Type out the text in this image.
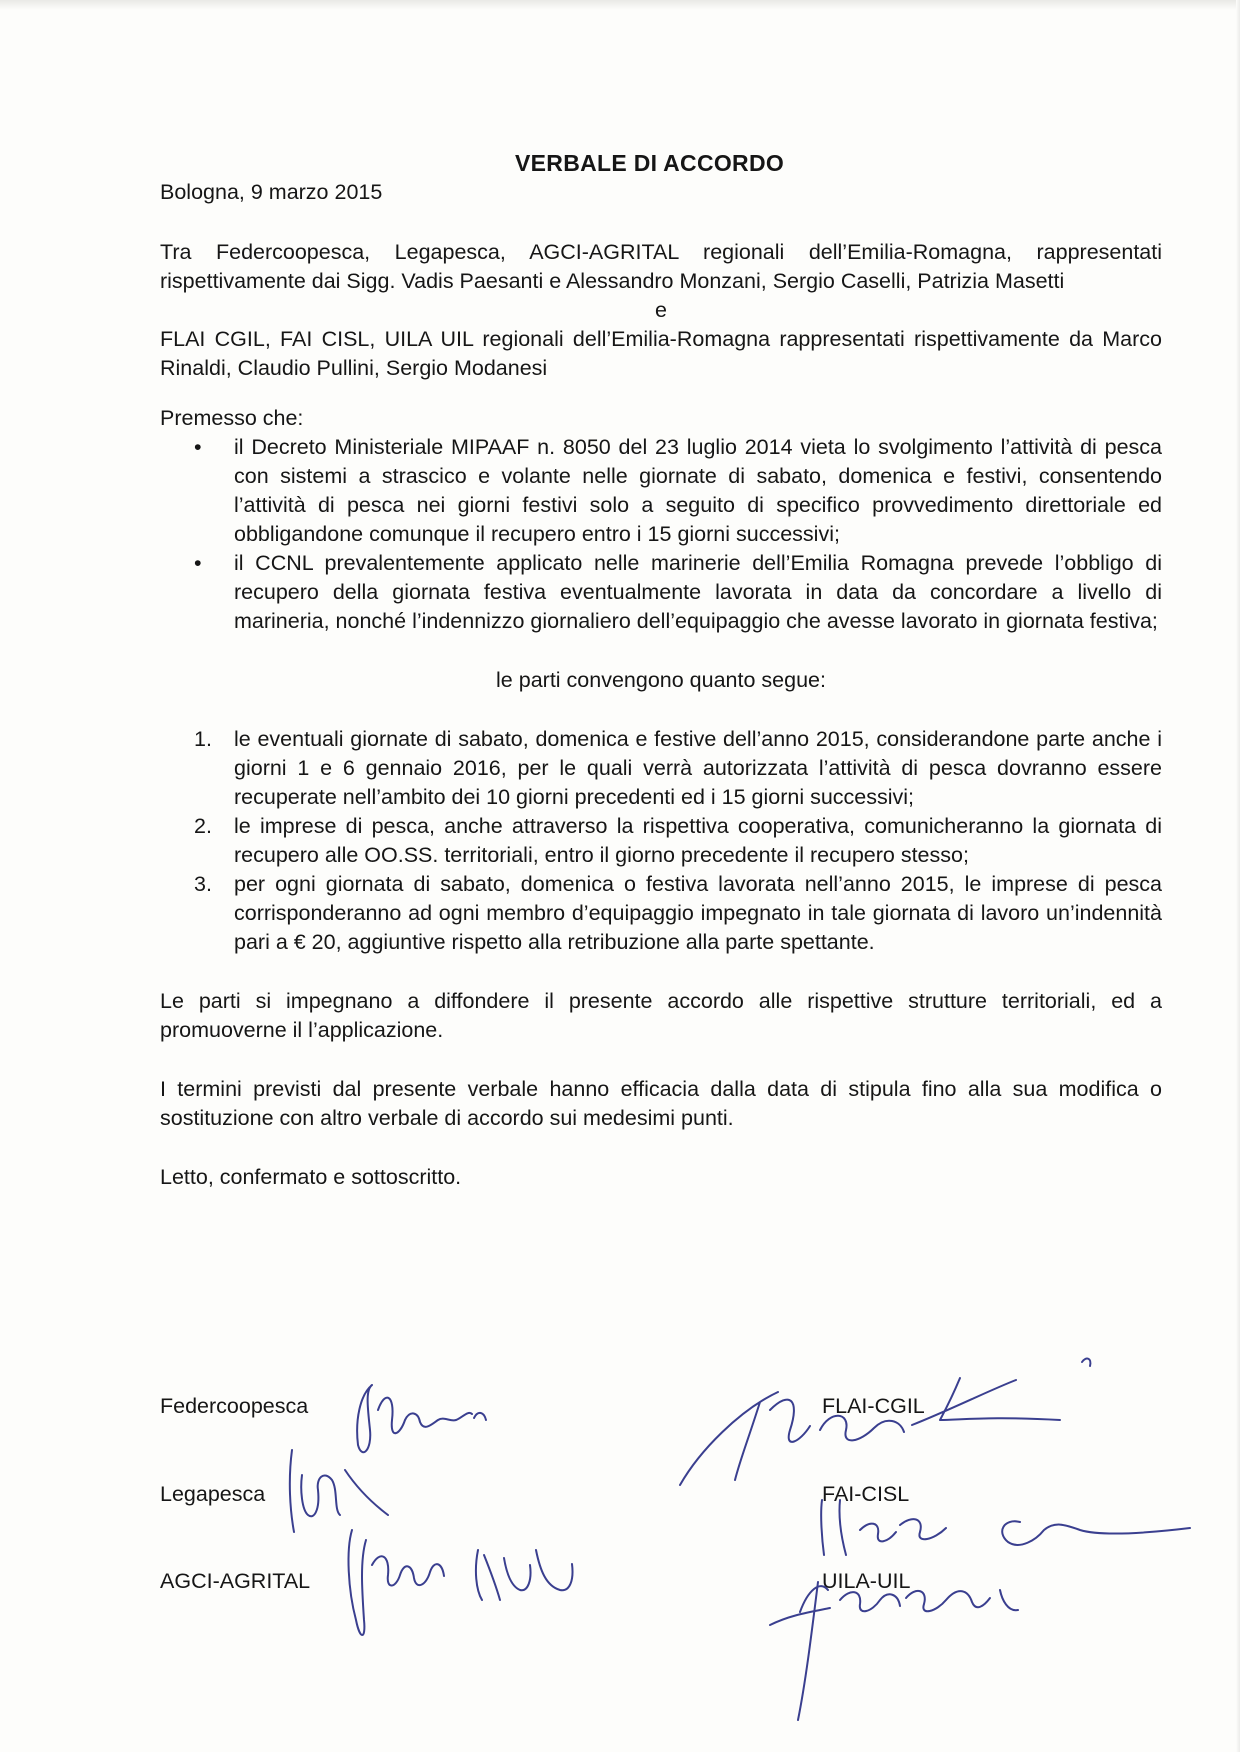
VERBALE DI ACCORDO
Bologna, 9 marzo 2015

Tra Federcoopesca, Legapesca, AGCI-AGRITAL regionali dell’Emilia-Romagna, rappresentati rispettivamente dai Sigg. Vadis Paesanti e Alessandro Monzani, Sergio Caselli, Patrizia Masetti

e

FLAI CGIL, FAI CISL, UILA UIL regionali dell’Emilia-Romagna rappresentati rispettivamente da Marco Rinaldi, Claudio Pullini, Sergio Modanesi

Premesso che:

• il Decreto Ministeriale MIPAAF n. 8050 del 23 luglio 2014 vieta lo svolgimento l’attività di pesca con sistemi a strascico e volante nelle giornate di sabato, domenica e festivi, consentendo l’attività di pesca nei giorni festivi solo a seguito di specifico provvedimento direttoriale ed obbligandone comunque il recupero entro i 15 giorni successivi;
• il CCNL prevalentemente applicato nelle marinerie dell’Emilia Romagna prevede l’obbligo di recupero della giornata festiva eventualmente lavorata in data da concordare a livello di marineria, nonché l’indennizzo giornaliero dell’equipaggio che avesse lavorato in giornata festiva;

le parti convengono quanto segue:

1. le eventuali giornate di sabato, domenica e festive dell’anno 2015, considerandone parte anche i giorni 1 e 6 gennaio 2016, per le quali verrà autorizzata l’attività di pesca dovranno essere recuperate nell’ambito dei 10 giorni precedenti ed i 15 giorni successivi;
2. le imprese di pesca, anche attraverso la rispettiva cooperativa, comunicheranno la giornata di recupero alle OO.SS. territoriali, entro il giorno precedente il recupero stesso;
3. per ogni giornata di sabato, domenica o festiva lavorata nell’anno 2015, le imprese di pesca corrisponderanno ad ogni membro d’equipaggio impegnato in tale giornata di lavoro un’indennità pari a € 20, aggiuntive rispetto alla retribuzione alla parte spettante.

Le parti si impegnano a diffondere il presente accordo alle rispettive strutture territoriali, ed a promuoverne il l’applicazione.

I termini previsti dal presente verbale hanno efficacia dalla data di stipula fino alla sua modifica o sostituzione con altro verbale di accordo sui medesimi punti.

Letto, confermato e sottoscritto.

Federcoopesca
Legapesca
AGCI-AGRITAL
FLAI-CGIL
FAI-CISL
UILA-UIL
